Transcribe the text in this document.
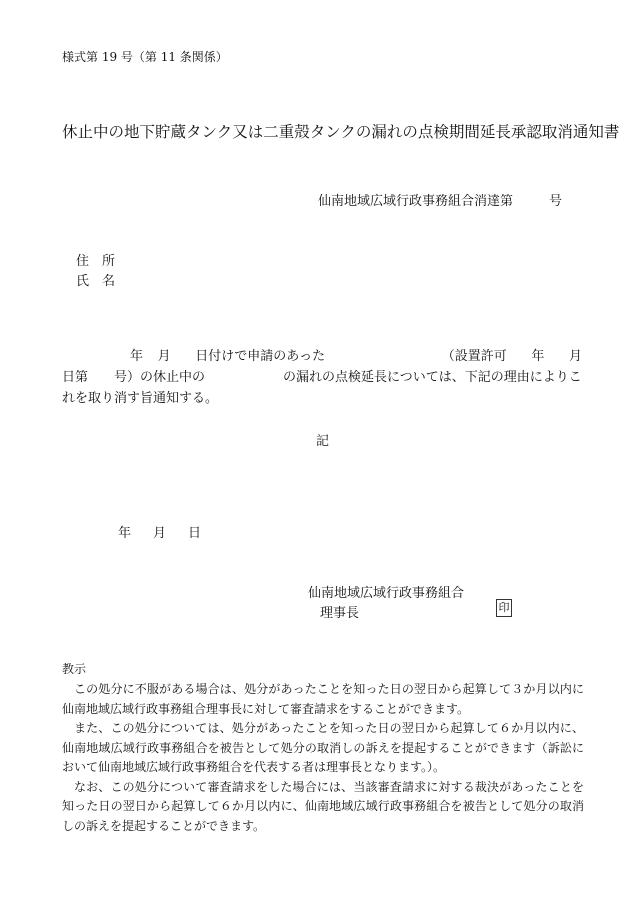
様式第 19 号（第 11 条関係）
休止中の地下貯蔵タンク又は二重殻タンクの漏れの点検期間延長承認取消通知書
仙南地域広域行政事務組合消達第	号
住　所
氏　名
年 月 日付けで申請のあった	（設置許可 年 月
日第　　号）の休止中の　　　　　　の漏れの点検延長については、下記の理由によりこ
れを取り消す旨通知する。
記
年 月 日
仙南地域広域行政事務組合
理事長	印
教示

この処分に不服がある場合は、処分があったことを知った日の翌日から起算して３か月以内に仙南地域広域行政事務組合理事長に対して審査請求をすることができます。

また、この処分については、処分があったことを知った日の翌日から起算して６か月以内に、仙南地域広域行政事務組合を被告として処分の取消しの訴えを提起することができます（訴訟において仙南地域広域行政事務組合を代表する者は理事長となります。）。

なお、この処分について審査請求をした場合には、当該審査請求に対する裁決があったことを知った日の翌日から起算して６か月以内に、仙南地域広域行政事務組合を被告として処分の取消しの訴えを提起することができます。
